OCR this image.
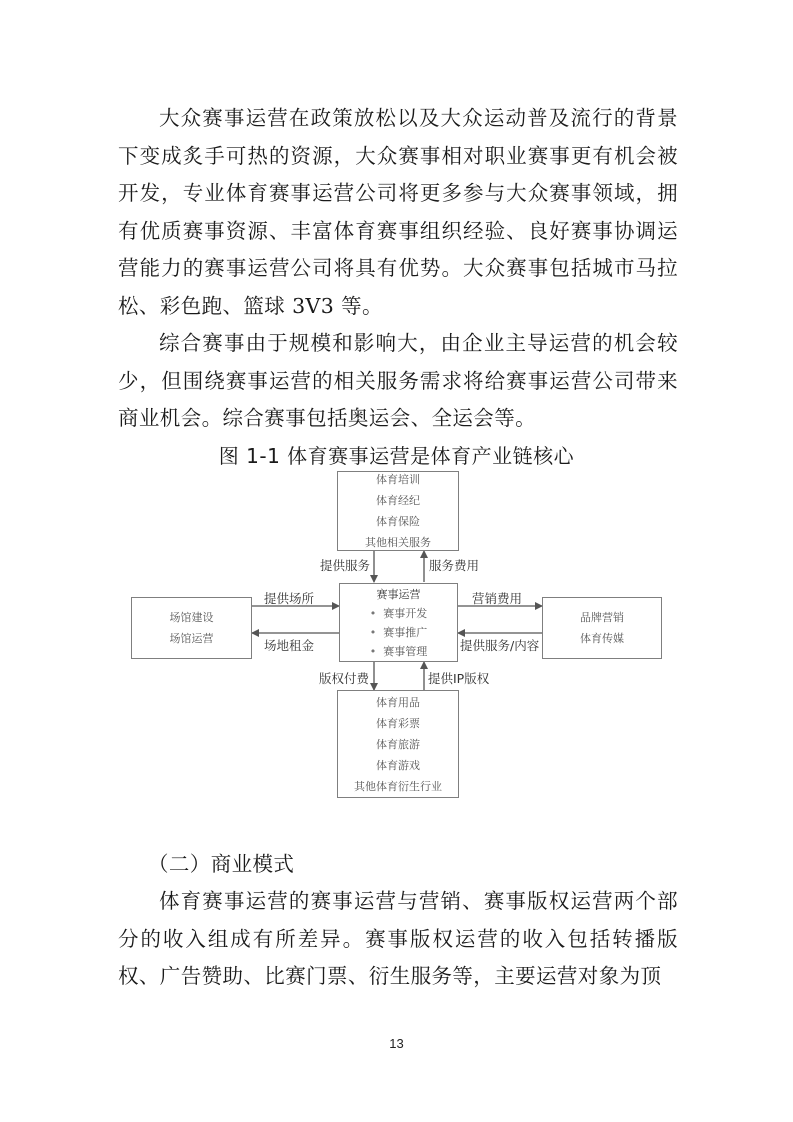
大众赛事运营在政策放松以及大众运动普及流行的背景下变成炙手可热的资源，大众赛事相对职业赛事更有机会被开发，专业体育赛事运营公司将更多参与大众赛事领域，拥有优质赛事资源、丰富体育赛事组织经验、良好赛事协调运营能力的赛事运营公司将具有优势。大众赛事包括城市马拉松、彩色跑、篮球 3V3 等。

综合赛事由于规模和影响大，由企业主导运营的机会较少，但围绕赛事运营的相关服务需求将给赛事运营公司带来商业机会。综合赛事包括奥运会、全运会等。

图 1-1 体育赛事运营是体育产业链核心
体育培训
体育经纪
体育保险
其他相关服务
场馆建设
场馆运营
赛事运营
• 赛事开发
• 赛事推广
• 赛事管理
品牌营销
体育传媒
体育用品
体育彩票
体育旅游
体育游戏
其他体育衍生行业
提供服务	服务费用
提供场所
场地租金
营销费用
提供服务/内容
版权付费	提供IP版权
（二）商业模式

体育赛事运营的赛事运营与营销、赛事版权运营两个部分的收入组成有所差异。赛事版权运营的收入包括转播版权、广告赞助、比赛门票、衍生服务等，主要运营对象为顶

13
